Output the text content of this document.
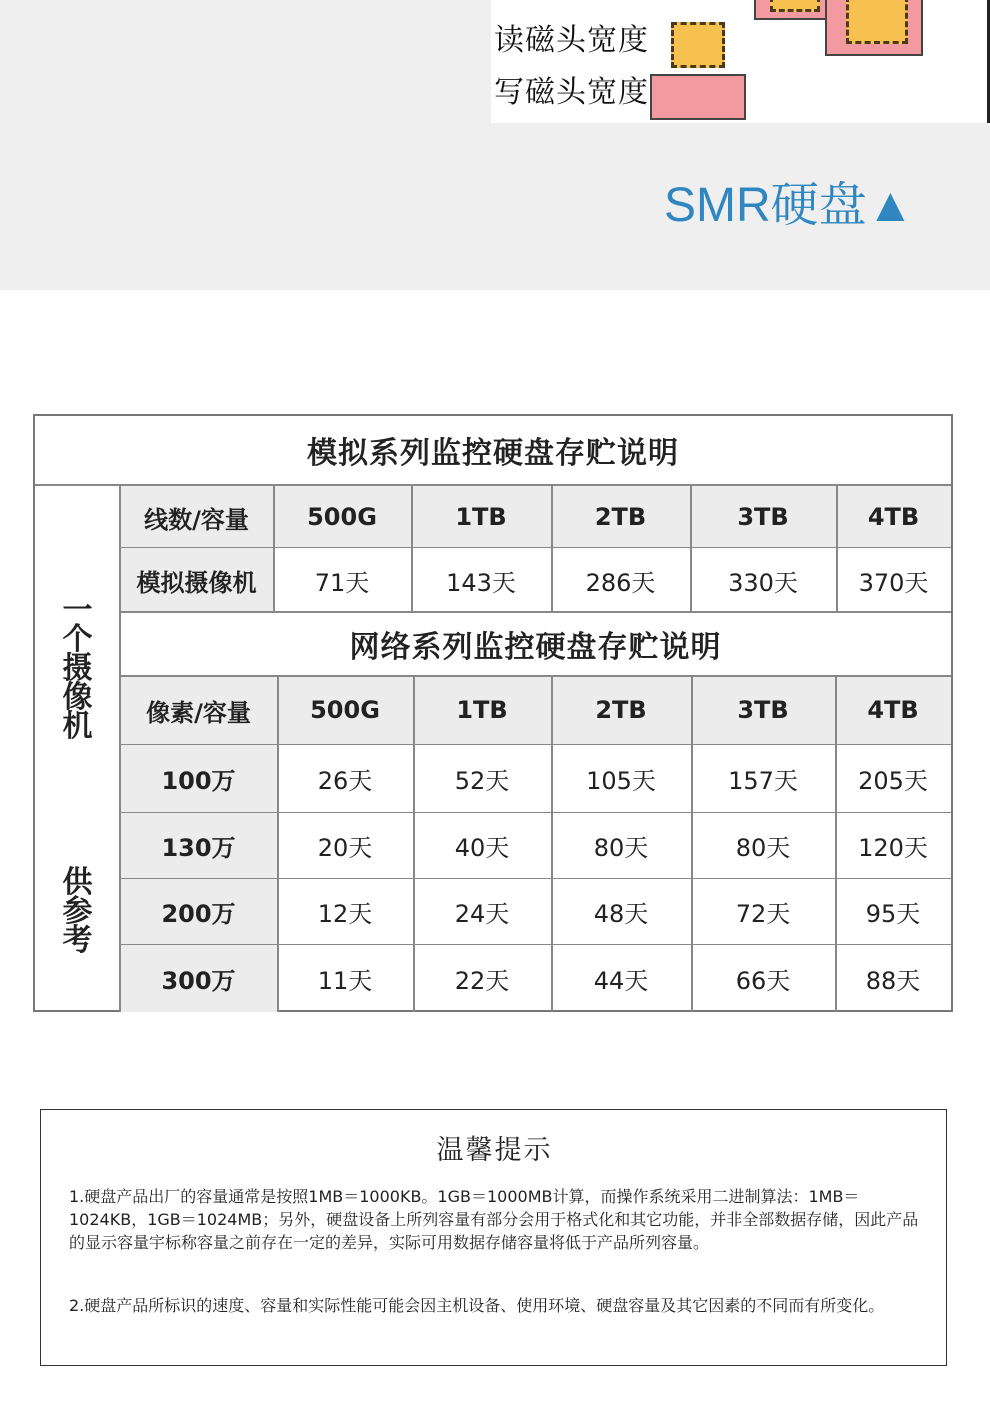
读磁头宽度
写磁头宽度
SMR硬盘▲
一
个
摄
像
机
供
参
考
模拟系列监控硬盘存贮说明
网络系列监控硬盘存贮说明
线数/容量	500G	1TB	2TB	3TB	4TB
模拟摄像机	71天	143天	286天	330天	370天
像素/容量	500G	1TB	2TB	3TB	4TB
100万	26天	52天	105天	157天	205天
130万	20天	40天	80天	80天	120天
200万	12天	24天	48天	72天	95天
300万	11天	22天	44天	66天	88天
温馨提示

1.硬盘产品出厂的容量通常是按照1MB＝1000KB。1GB＝1000MB计算，而操作系统采用二进制算法：1MB＝1024KB，1GB＝1024MB；另外，硬盘设备上所列容量有部分会用于格式化和其它功能，并非全部数据存储，因此产品的显示容量宇标称容量之前存在一定的差异，实际可用数据存储容量将低于产品所列容量。

2.硬盘产品所标识的速度、容量和实际性能可能会因主机设备、使用环境、硬盘容量及其它因素的不同而有所变化。
